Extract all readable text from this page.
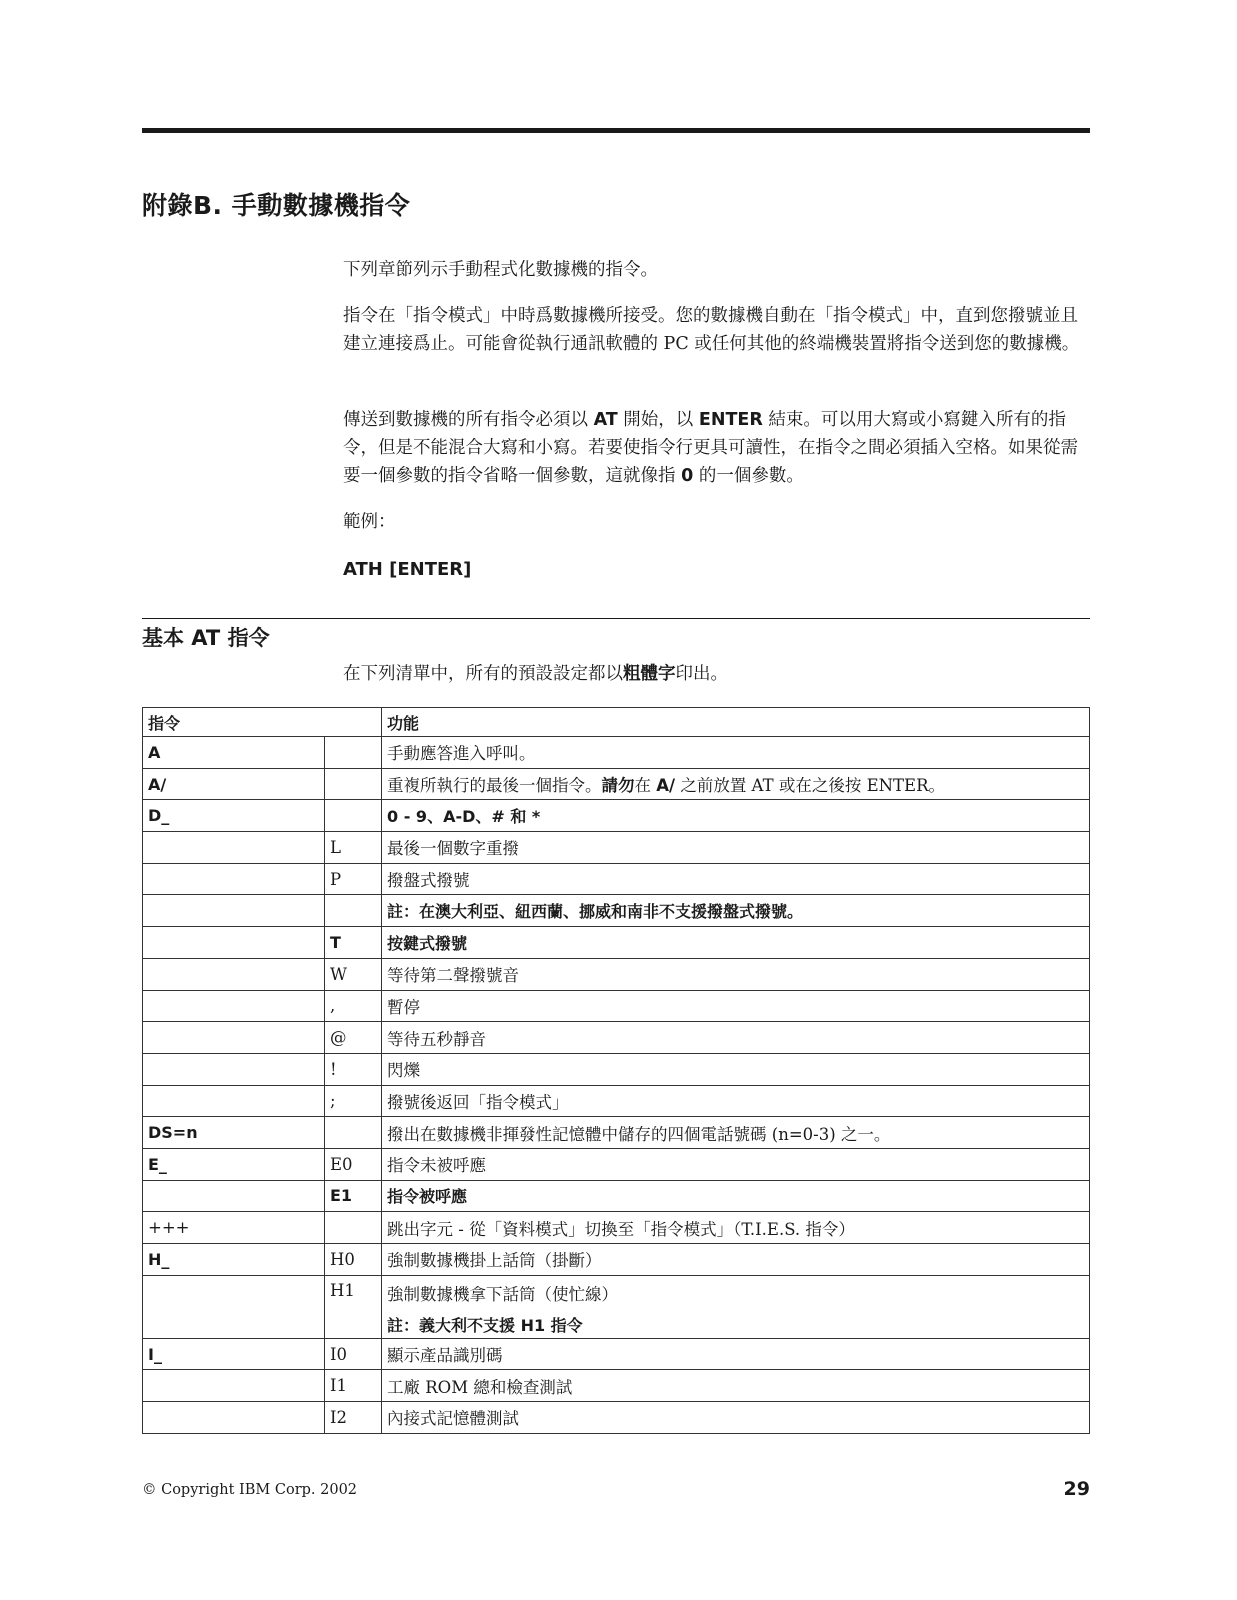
附錄B. 手動數據機指令

下列章節列示手動程式化數據機的指令。

指令在「指令模式」中時爲數據機所接受。您的數據機自動在「指令模式」中，直到您撥號並且建立連接爲止。可能會從執行通訊軟體的 PC 或任何其他的終端機裝置將指令送到您的數據機。

傳送到數據機的所有指令必須以 AT 開始，以 ENTER 結束。可以用大寫或小寫鍵入所有的指令，但是不能混合大寫和小寫。若要使指令行更具可讀性，在指令之間必須插入空格。如果從需要一個參數的指令省略一個參數，這就像指 0 的一個參數。

範例：

ATH [ENTER]

基本 AT 指令

在下列清單中，所有的預設設定都以粗體字印出。

指令		功能
A		手動應答進入呼叫。
A/		重複所執行的最後一個指令。請勿在 A/ 之前放置 AT 或在之後按 ENTER。
D_		0 - 9、A-D、# 和 *
	L	最後一個數字重撥
	P	撥盤式撥號
		註：在澳大利亞、紐西蘭、挪威和南非不支援撥盤式撥號。
	T	按鍵式撥號
	W	等待第二聲撥號音
	,	暫停
	@	等待五秒靜音
	!	閃爍
	;	撥號後返回「指令模式」
DS=n		撥出在數據機非揮發性記憶體中儲存的四個電話號碼 (n=0-3) 之一。
E_	E0	指令未被呼應
	E1	指令被呼應
+++		跳出字元 - 從「資料模式」切換至「指令模式」（T.I.E.S. 指令）
H_	H0	強制數據機掛上話筒（掛斷）
	H1	強制數據機拿下話筒（使忙線）
註：義大利不支援 H1 指令

I_	I0	顯示產品識別碼
	I1	工廠 ROM 總和檢查測試
	I2	內接式記憶體測試
© Copyright IBM Corp. 2002	29
